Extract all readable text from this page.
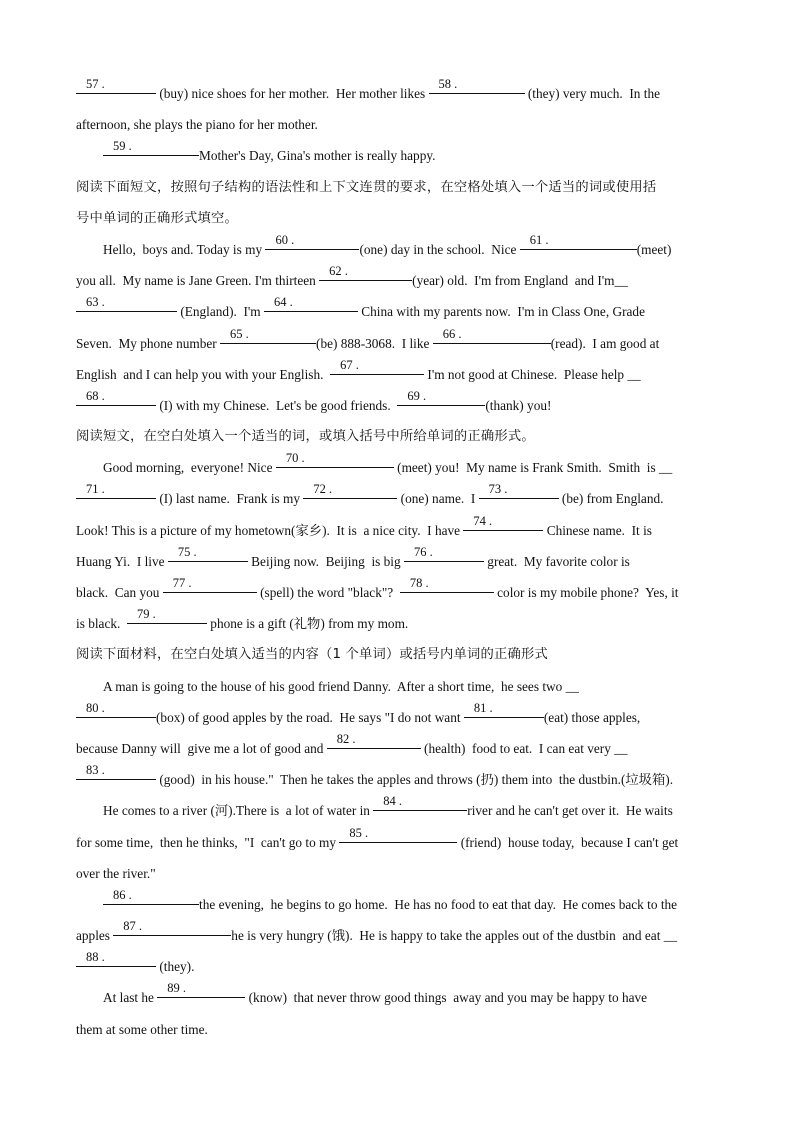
57 .
(buy) nice shoes for her mother.  Her mother likes
58 .
(they) very much.  In the
afternoon, she plays the piano for her mother.
59 .
Mother's Day, Gina's mother is really happy.
阅读下面短文，按照句子结构的语法性和上下文连贯的要求，在空格处填入一个适当的词或使用括
号中单词的正确形式填空。
Hello,  boys and. Today is my
60 .
(one) day in the school.  Nice
61 .
(meet)
you all.  My name is Jane Green. I'm thirteen
62 .
(year) old.  I'm from England  and I'm__
63 .
(England).  I'm
64 .
China with my parents now.  I'm in Class One, Grade
Seven.  My phone number
65 .
(be) 888-3068.  I like
66 .
(read).  I am good at
English  and I can help you with your English.
67 .
I'm not good at Chinese.  Please help __
68 .
(I) with my Chinese.  Let's be good friends.
69 .
(thank) you!
阅读短文，在空白处填入一个适当的词，或填入括号中所给单词的正确形式。
Good morning,  everyone! Nice
70 .
(meet) you!  My name is Frank Smith.  Smith  is __
71 .
(I) last name.  Frank is my
72 .
(one) name.  I
73 .
(be) from England.
Look! This is a picture of my hometown(家乡).  It is  a nice city.  I have
74 .
Chinese name.  It is
Huang Yi.  I live
75 .
Beijing now.  Beijing  is big
76 .
great.  My favorite color is
black.  Can you
77 .
(spell) the word "black"?
78 .
color is my mobile phone?  Yes, it
is black.
79 .
phone is a gift (礼物) from my mom.
阅读下面材料，在空白处填入适当的内容（1 个单词）或括号内单词的正确形式
A man is going to the house of his good friend Danny.  After a short time,  he sees two __
80 .
(box) of good apples by the road.  He says "I do not want
81 .
(eat) those apples,
because Danny will  give me a lot of good and
82 .
(health)  food to eat.  I can eat very __
83 .
(good)  in his house."  Then he takes the apples and throws (扔) them into  the dustbin.(垃圾箱).
He comes to a river (河).There is  a lot of water in
84 .
river and he can't get over it.  He waits
for some time,  then he thinks,  "I  can't go to my
85 .
(friend)  house today,  because I can't get
over the river."
86 .
the evening,  he begins to go home.  He has no food to eat that day.  He comes back to the
apples
87 .
he is very hungry (饿).  He is happy to take the apples out of the dustbin  and eat __
88 .
(they).
At last he
89 .
(know)  that never throw good things  away and you may be happy to have
them at some other time.
